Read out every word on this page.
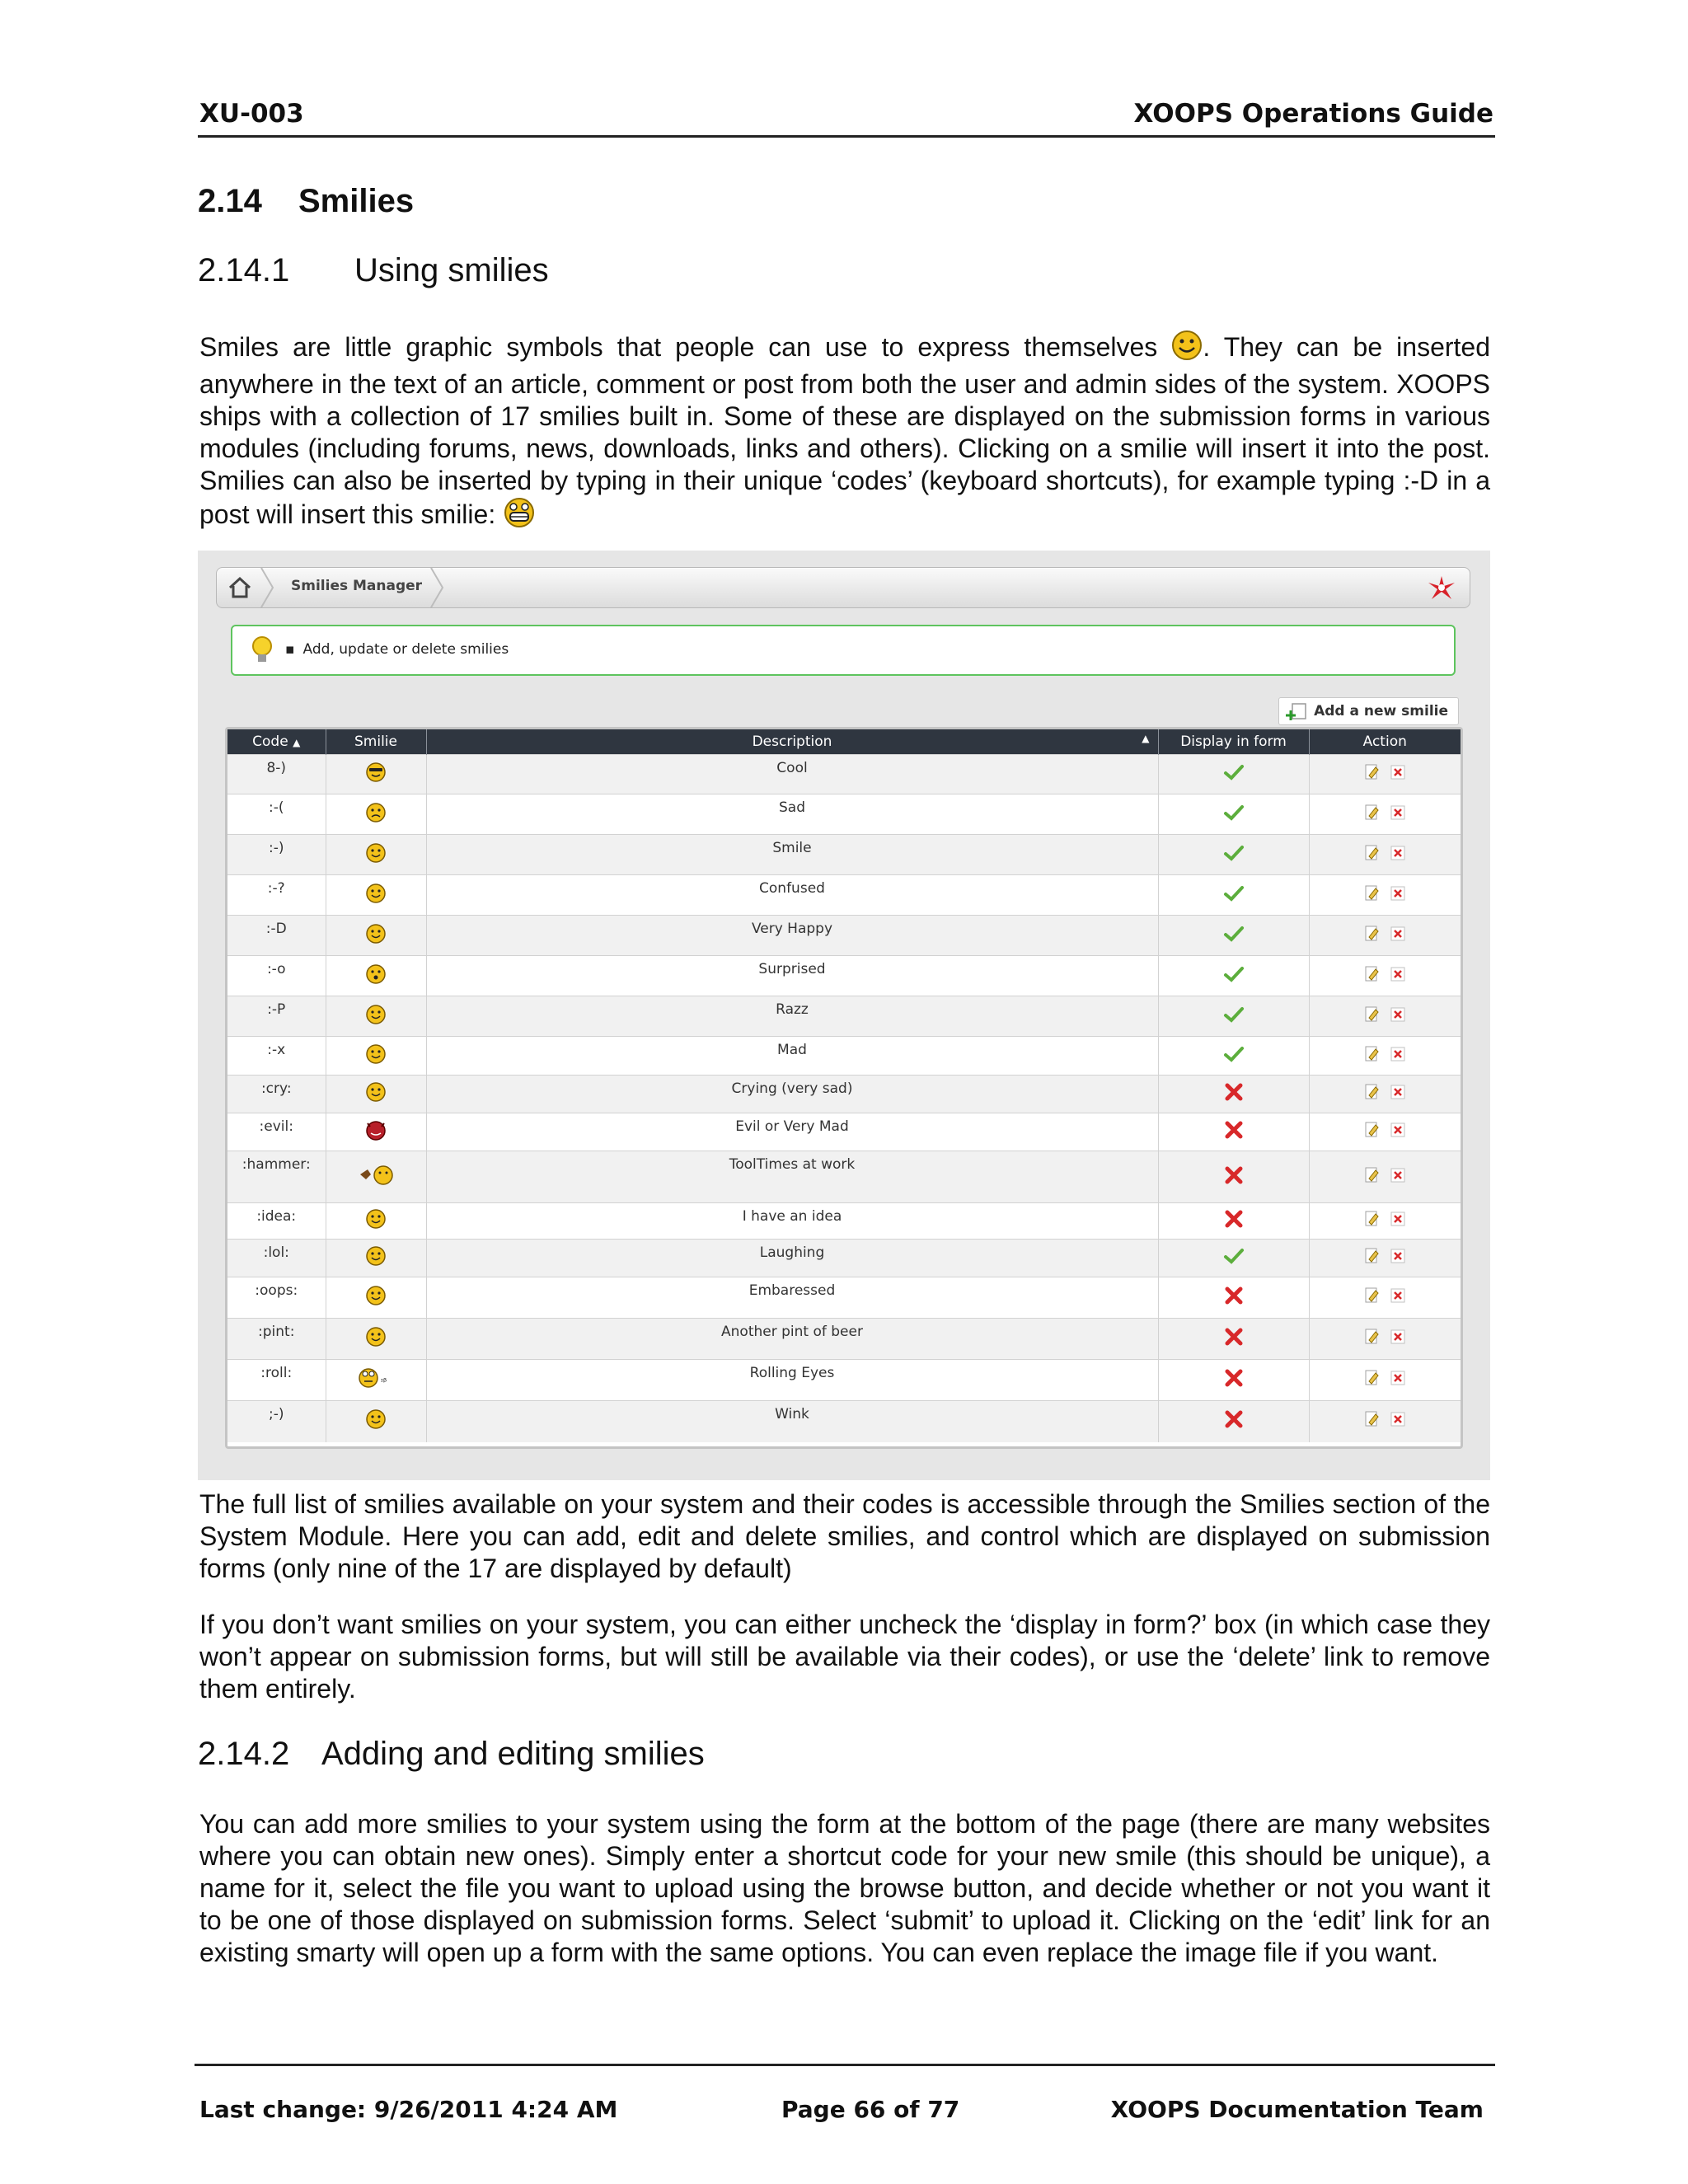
XU-003	XOOPS Operations Guide
2.14 Smilies
2.14.1 Using smilies

Smiles are little graphic symbols that people can use to express themselves . They can be inserted anywhere in the text of an article, comment or post from both the user and admin sides of the system. XOOPS ships with a collection of 17 smilies built in. Some of these are displayed on the submission forms in various modules (including forums, news, downloads, links and others). Clicking on a smilie will insert it into the post. Smilies can also be inserted by typing in their unique ‘codes’ (keyboard shortcuts), for example typing :-D in a post will insert this smilie:

Smilies Manager
▪ Add, update or delete smilies
Add a new smilie
Code ▲	Smilie	Description ▲	Display in form	Action
8-)		Cool		
:-(		Sad		
:-)		Smile		
:-?		Confused		
:-D		Very Happy		
:-o		Surprised		
:-P		Razz		
:-x		Mad		
:cry:		Crying (very sad)		
:evil:		Evil or Very Mad		
:hammer:		ToolTimes at work		
:idea:		I have an idea		
:lol:		Laughing		
:oops:		Embaressed		
:pint:		Another pint of beer		
:roll:	ᶦᵝ	Rolling Eyes		
;-)		Wink		

The full list of smilies available on your system and their codes is accessible through the Smilies section of the System Module. Here you can add, edit and delete smilies, and control which are displayed on submission forms (only nine of the 17 are displayed by default)

If you don’t want smilies on your system, you can either uncheck the ‘display in form?’ box (in which case they won’t appear on submission forms, but will still be available via their codes), or use the ‘delete’ link to remove them entirely.

2.14.2 Adding and editing smilies

You can add more smilies to your system using the form at the bottom of the page (there are many websites where you can obtain new ones). Simply enter a shortcut code for your new smile (this should be unique), a name for it, select the file you want to upload using the browse button, and decide whether or not you want it to be one of those displayed on submission forms. Select ‘submit’ to upload it. Clicking on the ‘edit’ link for an existing smarty will open up a form with the same options. You can even replace the image file if you want.

Last change: 9/26/2011 4:24 AM	Page 66 of 77	XOOPS Documentation Team
